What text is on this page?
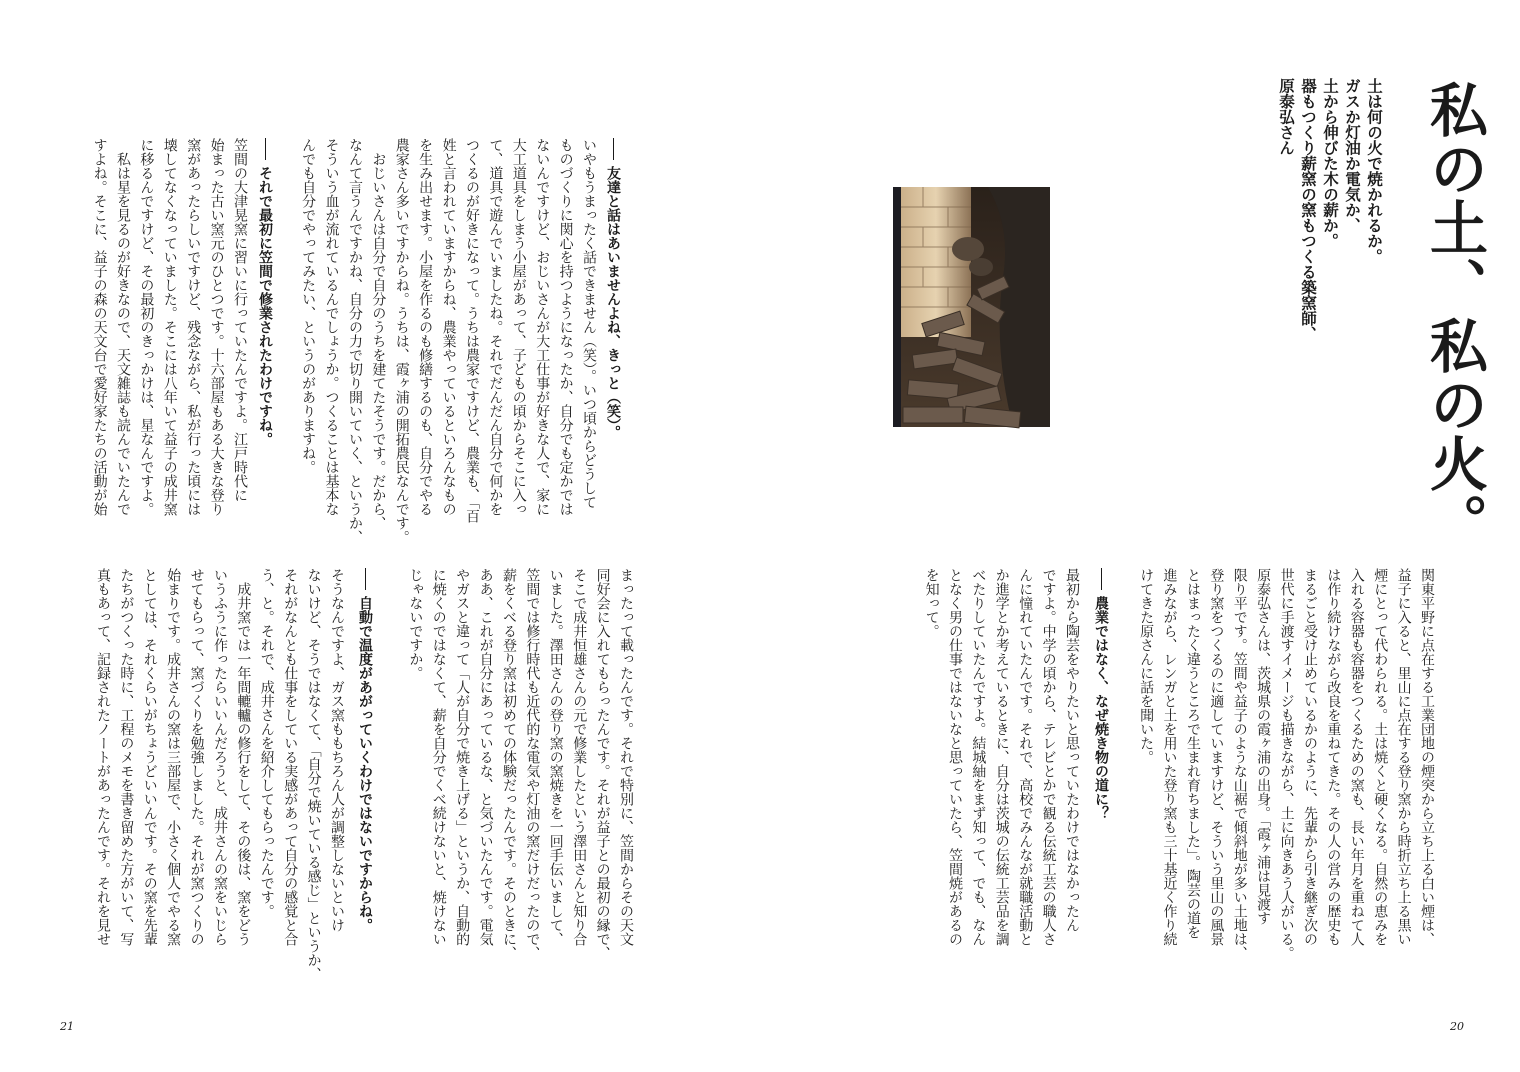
私の土、私の火。
土は何の火で焼かれるか。
ガスか灯油か電気か、
土から伸びた木の薪か。
器もつくり薪窯の窯もつくる築窯師、
原泰弘さん
関東平野に点在する工業団地の煙突から立ち上る白い煙は、
益子に入ると、里山に点在する登り窯から時折立ち上る黒い
煙にとって代わられる。土は焼くと硬くなる。自然の恵みを
入れる容器も容器をつくるための窯も、長い年月を重ねて人
は作り続けながら改良を重ねてきた。その人の営みの歴史も
まるごと受け止めているかのように、先輩から引き継ぎ次の
世代に手渡すイメージも描きながら、土に向きあう人がいる。
原泰弘さんは、茨城県の霞ヶ浦の出身。「霞ヶ浦は見渡す
限り平です。笠間や益子のような山裾で傾斜地が多い土地は、
登り窯をつくるのに適していますけど、そういう里山の風景
とはまったく違うところで生まれ育ちました」。陶芸の道を
進みながら、レンガと土を用いた登り窯も三十基近く作り続
けてきた原さんに話を聞いた。
農業ではなく、なぜ焼き物の道に？
最初から陶芸をやりたいと思っていたわけではなかったん
ですよ。中学の頃から、テレビとかで観る伝統工芸の職人さ
んに憧れていたんです。それで、高校でみんなが就職活動と
か進学とか考えているときに、自分は茨城の伝統工芸品を調
べたりしていたんですよ。結城紬をまず知って、でも、なん
となく男の仕事ではないなと思っていたら、笠間焼があるの
を知って。
友達と話はあいませんよね、きっと（笑）。
いやもうまったく話できません（笑）。いつ頃からどうして
ものづくりに関心を持つようになったか、自分でも定かでは
ないんですけど、おじいさんが大工仕事が好きな人で、家に
大工道具をしまう小屋があって、子どもの頃からそこに入っ
て、道具で遊んでいましたね。それでだんだん自分で何かを
つくるのが好きになって。うちは農家ですけど、農業も、「百
姓と言われていますからね、農業やっているといろんなもの
を生み出せます。小屋を作るのも修繕するのも、自分でやる
農家さん多いですからね。うちは、霞ヶ浦の開拓農民なんです。
　おじいさんは自分で自分のうちを建てたそうです。だから、
なんて言うんですかね、自分の力で切り開いていく、というか、
そういう血が流れているんでしょうか。つくることは基本な
んでも自分でやってみたい、というのがありますね。
それで最初に笠間で修業されたわけですね。
笠間の大津晃窯に習いに行っていたんですよ。江戸時代に
始まった古い窯元のひとつです。十六部屋もある大きな登り
窯があったらしいですけど、残念ながら、私が行った頃には
壊してなくなっていました。そこには八年いて益子の成井窯
に移るんですけど、その最初のきっかけは、星なんですよ。
　私は星を見るのが好きなので、天文雑誌も読んでいたんで
すよね。そこに、益子の森の天文台で愛好家たちの活動が始
まったって載ったんです。それで特別に、笠間からその天文
同好会に入れてもらったんです。それが益子との最初の縁で、
そこで成井恒雄さんの元で修業したという澤田さんと知り合
いました。澤田さんの登り窯の窯焼きを一回手伝いまして、
笠間では修行時代も近代的な電気や灯油の窯だけだったので、
薪をくべる登り窯は初めての体験だったんです。そのときに、
ああ、これが自分にあっているな、と気づいたんです。電気
やガスと違って「人が自分で焼き上げる」というか、自動的
に焼くのではなくて、薪を自分でくべ続けないと、焼けない
じゃないですか。
自動で温度があがっていくわけではないですからね。
そうなんですよ、ガス窯ももちろん人が調整しないといけ
ないけど、そうではなくて、「自分で焼いている感じ」というか、
それがなんとも仕事をしている実感があって自分の感覚と合
う、と。それで、成井さんを紹介してもらったんです。
　成井窯では一年間轆轤の修行をして、その後は、窯をどう
いうふうに作ったらいいんだろうと、成井さんの窯をいじら
せてもらって、窯づくりを勉強しました。それが窯つくりの
始まりです。成井さんの窯は三部屋で、小さく個人でやる窯
としては、それくらいがちょうどいいんです。その窯を先輩
たちがつくった時に、工程のメモを書き留めた方がいて、写
真もあって、記録されたノートがあったんです。それを見せ
21	20
